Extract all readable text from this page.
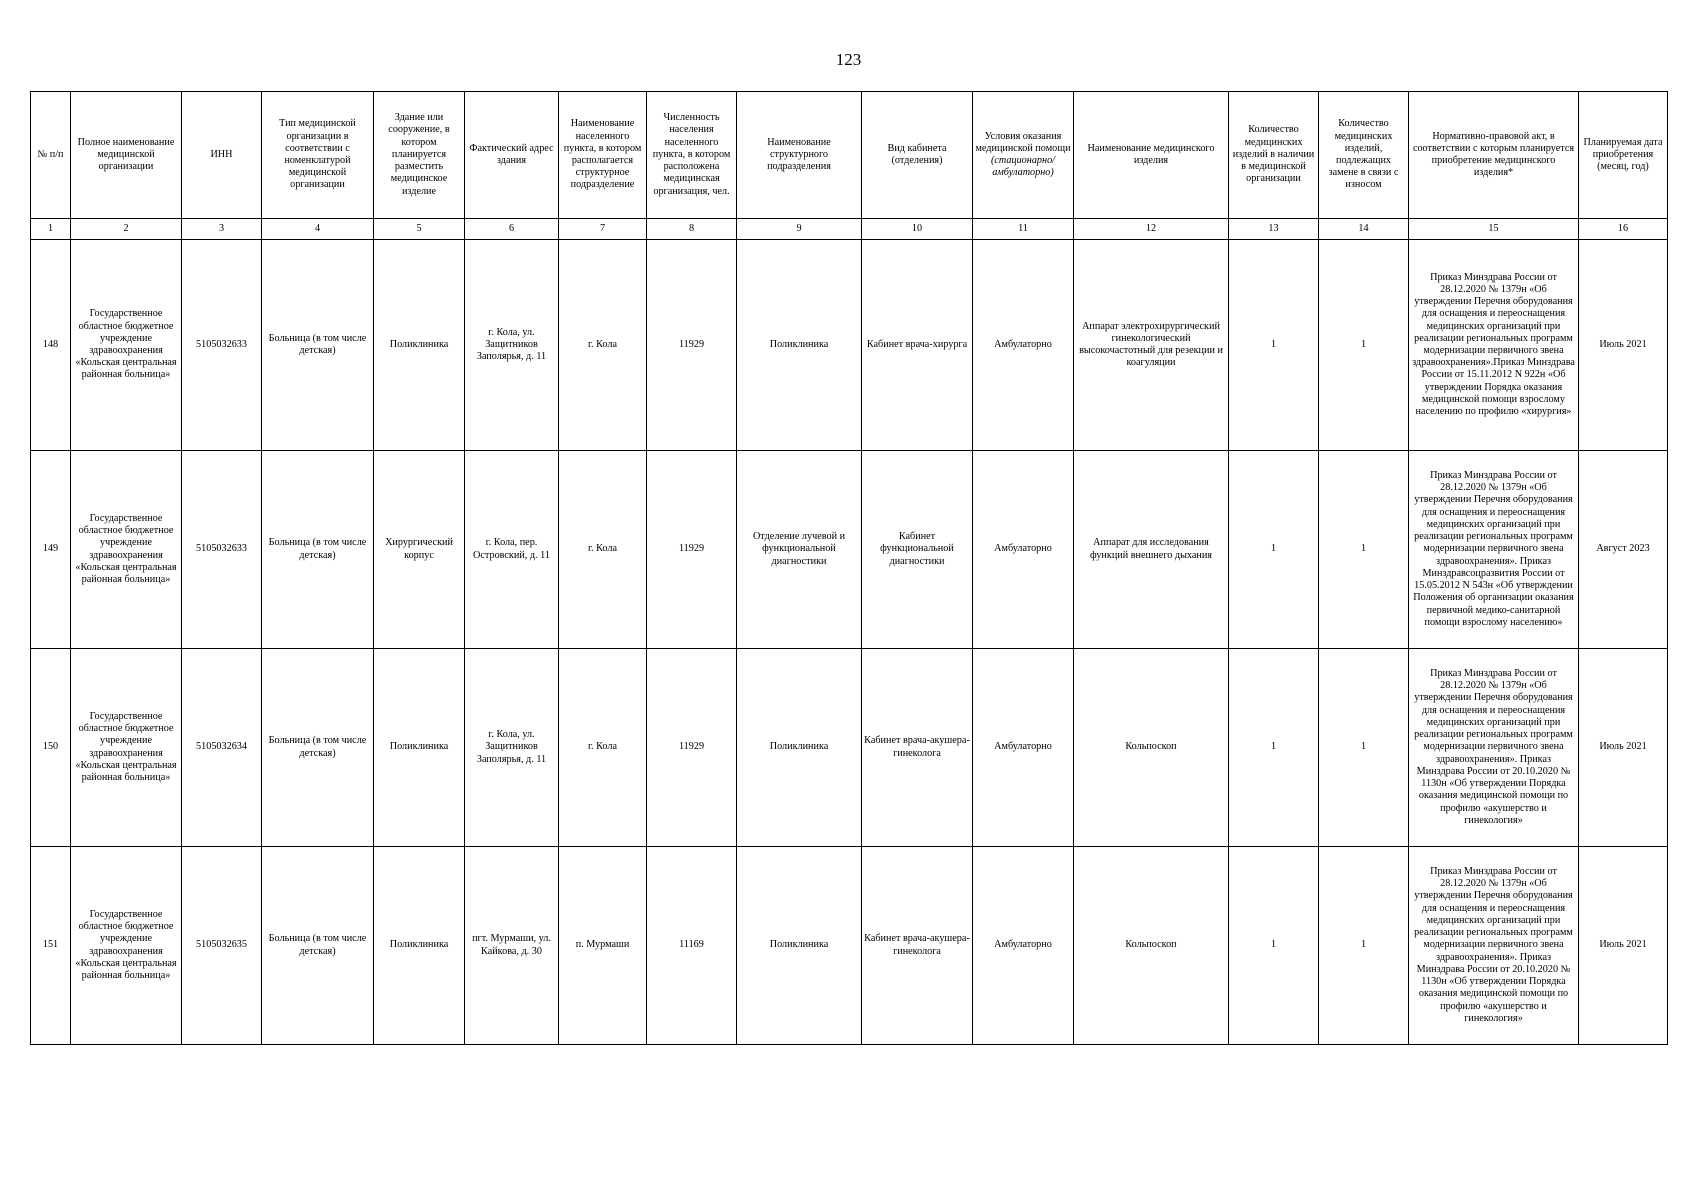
123
№ п/п	Полное наименование медицинской организации	ИНН	Тип медицинской организации в соответствии с номенклатурой медицинской организации	Здание или сооружение, в котором планируется разместить медицинское изделие	Фактический адрес здания	Наименование населенного пункта, в котором располагается структурное подразделение	Численность населения населенного пункта, в котором расположена медицинская организация, чел.	Наименование структурного подразделения	Вид кабинета (отделения)	Условия оказания медицинской помощи
(стационарно/ амбулаторно)	Наименование медицинского изделия	Количество медицинских изделий в наличии в медицинской организации	Количество медицинских изделий, подлежащих замене в связи с износом	Нормативно-правовой акт, в соответствии с которым планируется приобретение медицинского изделия*	Планируемая дата приобретения (месяц, год)
1	2	3	4	5	6	7	8	9	10	11	12	13	14	15	16
148	Государственное областное бюджетное учреждение здравоохранения «Кольская центральная районная больница»	5105032633	Больница (в том числе детская)	Поликлиника	г. Кола, ул. Защитников Заполярья, д. 11	г. Кола	11929	Поликлиника	Кабинет врача-хирурга	Амбулаторно	Аппарат электрохирургический гинекологический высокочастотный для резекции и коагуляции	1	1	Приказ Минздрава России от 28.12.2020 № 1379н «Об утверждении Перечня оборудования для оснащения и переоснащения медицинских организаций при реализации региональных программ модернизации первичного звена здравоохранения».Приказ Минздрава России от 15.11.2012 N 922н «Об утверждении Порядка оказания медицинской помощи взрослому населению по профилю «хирургия»	Июль 2021
149	Государственное областное бюджетное учреждение здравоохранения «Кольская центральная районная больница»	5105032633	Больница (в том числе детская)	Хирургический корпус	г. Кола, пер. Островский, д. 11	г. Кола	11929	Отделение лучевой и функциональной диагностики	Кабинет функциональной диагностики	Амбулаторно	Аппарат для исследования функций внешнего дыхания	1	1	Приказ Минздрава России от 28.12.2020 № 1379н «Об утверждении Перечня оборудования для оснащения и переоснащения медицинских организаций при реализации региональных программ модернизации первичного звена здравоохранения». Приказ Минздравсоцразвития России от 15.05.2012 N 543н «Об утверждении Положения об организации оказания первичной медико-санитарной помощи взрослому населению»	Август 2023
150	Государственное областное бюджетное учреждение здравоохранения «Кольская центральная районная больница»	5105032634	Больница (в том числе детская)	Поликлиника	г. Кола, ул. Защитников Заполярья, д. 11	г. Кола	11929	Поликлиника	Кабинет врача-акушера-гинеколога	Амбулаторно	Кольпоскоп	1	1	Приказ Минздрава России от 28.12.2020 № 1379н «Об утверждении Перечня оборудования для оснащения и переоснащения медицинских организаций при реализации региональных программ модернизации первичного звена здравоохранения». Приказ Минздрава России от 20.10.2020 № 1130н «Об утверждении Порядка оказания медицинской помощи по профилю «акушерство и гинекология»	Июль 2021
151	Государственное областное бюджетное учреждение здравоохранения «Кольская центральная районная больница»	5105032635	Больница (в том числе детская)	Поликлиника	пгт. Мурмаши, ул. Кайкова, д. 30	п. Мурмаши	11169	Поликлиника	Кабинет врача-акушера-гинеколога	Амбулаторно	Кольпоскоп	1	1	Приказ Минздрава России от 28.12.2020 № 1379н «Об утверждении Перечня оборудования для оснащения и переоснащения медицинских организаций при реализации региональных программ модернизации первичного звена здравоохранения». Приказ Минздрава России от 20.10.2020 № 1130н «Об утверждении Порядка оказания медицинской помощи по профилю «акушерство и гинекология»	Июль 2021
